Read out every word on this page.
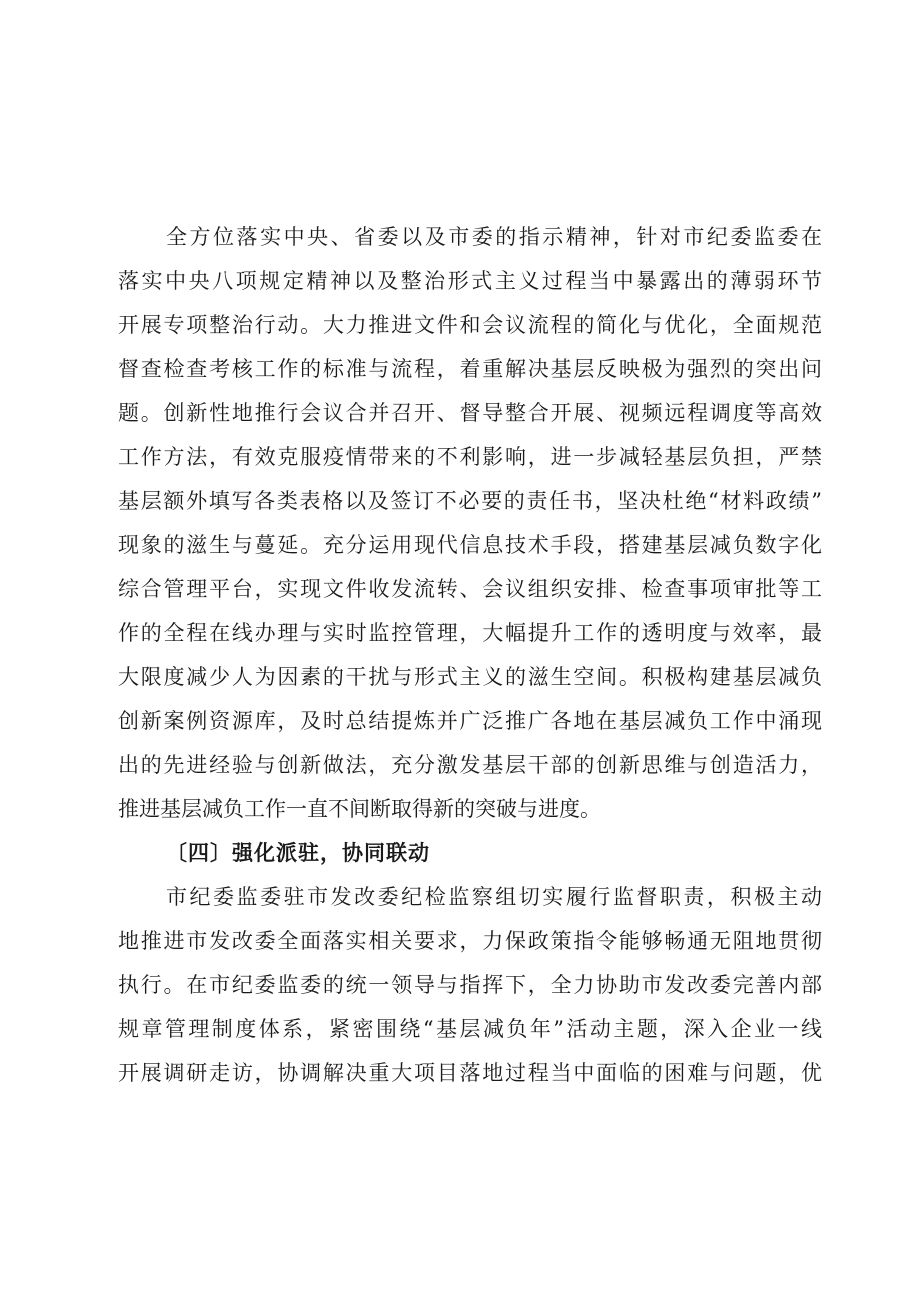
全方位落实中央、省委以及市委的指示精神，针对市纪委监委在
落实中央八项规定精神以及整治形式主义过程当中暴露出的薄弱环节
开展专项整治行动。大力推进文件和会议流程的简化与优化，全面规范
督查检查考核工作的标准与流程，着重解决基层反映极为强烈的突出问
题。创新性地推行会议合并召开、督导整合开展、视频远程调度等高效
工作方法，有效克服疫情带来的不利影响，进一步减轻基层负担，严禁
基层额外填写各类表格以及签订不必要的责任书，坚决杜绝“材料政绩”
现象的滋生与蔓延。充分运用现代信息技术手段，搭建基层减负数字化
综合管理平台，实现文件收发流转、会议组织安排、检查事项审批等工
作的全程在线办理与实时监控管理，大幅提升工作的透明度与效率，最
大限度减少人为因素的干扰与形式主义的滋生空间。积极构建基层减负
创新案例资源库，及时总结提炼并广泛推广各地在基层减负工作中涌现
出的先进经验与创新做法，充分激发基层干部的创新思维与创造活力，
推进基层减负工作一直不间断取得新的突破与进度。
〔四〕强化派驻，协同联动
市纪委监委驻市发改委纪检监察组切实履行监督职责，积极主动
地推进市发改委全面落实相关要求，力保政策指令能够畅通无阻地贯彻
执行。在市纪委监委的统一领导与指挥下，全力协助市发改委完善内部
规章管理制度体系，紧密围绕“基层减负年”活动主题，深入企业一线
开展调研走访，协调解决重大项目落地过程当中面临的困难与问题，优
